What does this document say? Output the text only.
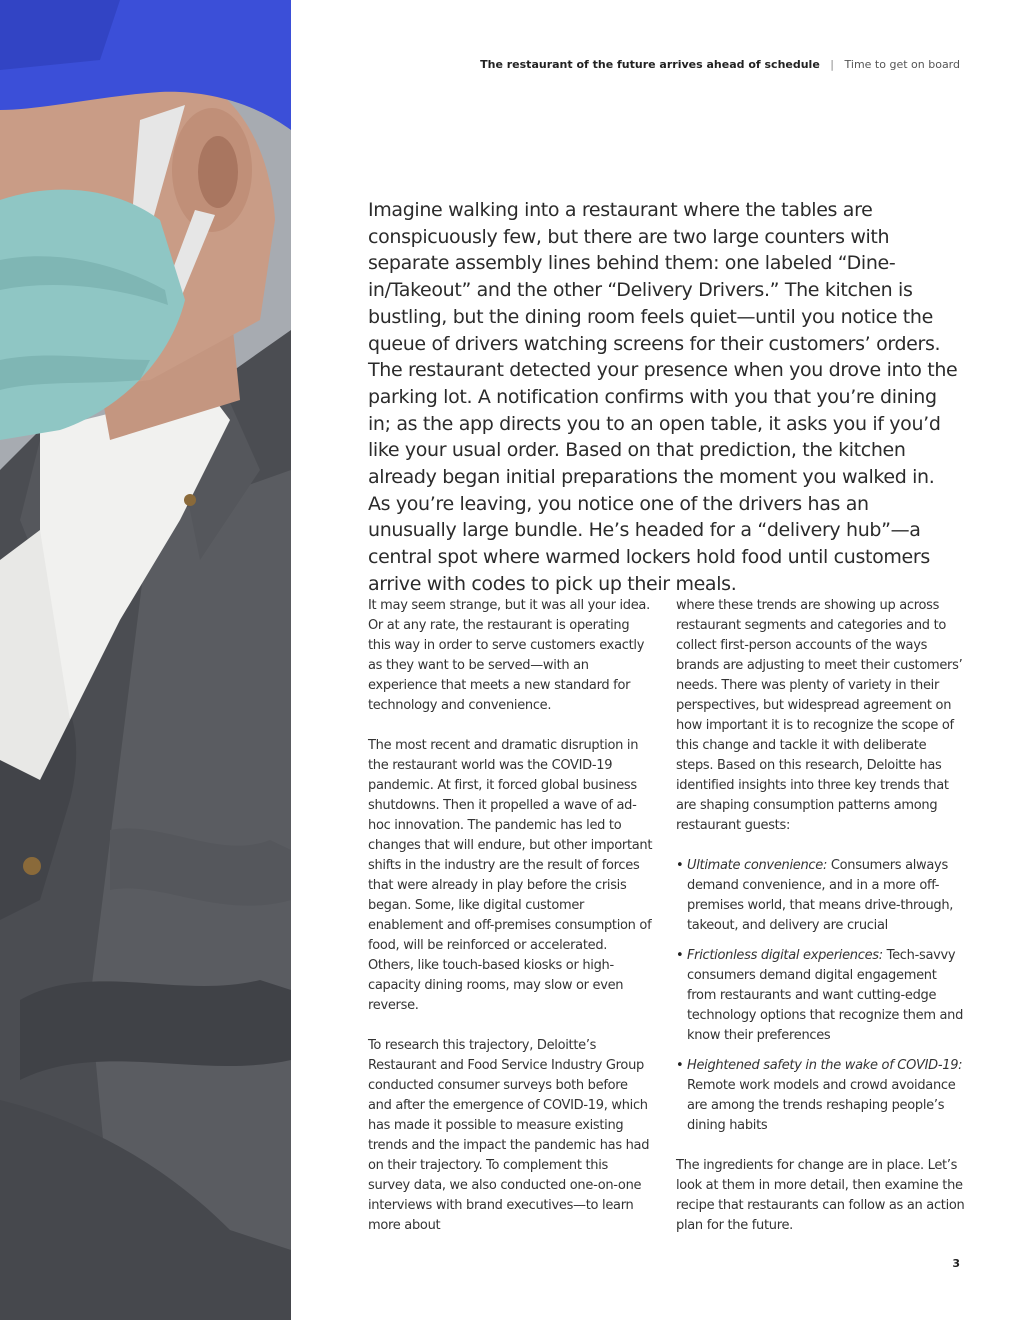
The restaurant of the future arrives ahead of schedule | Time to get on board

Imagine walking into a restaurant where the tables are conspicuously few, but there are two large counters with separate assembly lines behind them: one labeled “Dine-in/Takeout” and the other “Delivery Drivers.” The kitchen is bustling, but the dining room feels quiet—until you notice the queue of drivers watching screens for their customers’ orders. The restaurant detected your presence when you drove into the parking lot. A notification confirms with you that you’re dining in; as the app directs you to an open table, it asks you if you’d like your usual order. Based on that prediction, the kitchen already began initial preparations the moment you walked in. As you’re leaving, you notice one of the drivers has an unusually large bundle. He’s headed for a “delivery hub”—a central spot where warmed lockers hold food until customers arrive with codes to pick up their meals.

It may seem strange, but it was all your idea. Or at any rate, the restaurant is operating this way in order to serve customers exactly as they want to be served—with an experience that meets a new standard for technology and convenience.

The most recent and dramatic disruption in the restaurant world was the COVID-19 pandemic. At first, it forced global business shutdowns. Then it propelled a wave of ad-hoc innovation. The pandemic has led to changes that will endure, but other important shifts in the industry are the result of forces that were already in play before the crisis began. Some, like digital customer enablement and off-premises consumption of food, will be reinforced or accelerated. Others, like touch-based kiosks or high-capacity dining rooms, may slow or even reverse.

To research this trajectory, Deloitte’s Restaurant and Food Service Industry Group conducted consumer surveys both before and after the emergence of COVID-19, which has made it possible to measure existing trends and the impact the pandemic has had on their trajectory. To complement this survey data, we also conducted one-on-one interviews with brand executives—to learn more about

where these trends are showing up across restaurant segments and categories and to collect first-person accounts of the ways brands are adjusting to meet their customers’ needs. There was plenty of variety in their perspectives, but widespread agreement on how important it is to recognize the scope of this change and tackle it with deliberate steps. Based on this research, Deloitte has identified insights into three key trends that are shaping consumption patterns among restaurant guests:

• Ultimate convenience: Consumers always demand convenience, and in a more off-premises world, that means drive-through, takeout, and delivery are crucial
• Frictionless digital experiences: Tech-savvy consumers demand digital engagement from restaurants and want cutting-edge technology options that recognize them and know their preferences
• Heightened safety in the wake of COVID-19: Remote work models and crowd avoidance are among the trends reshaping people’s dining habits

The ingredients for change are in place. Let’s look at them in more detail, then examine the recipe that restaurants can follow as an action plan for the future.

3
